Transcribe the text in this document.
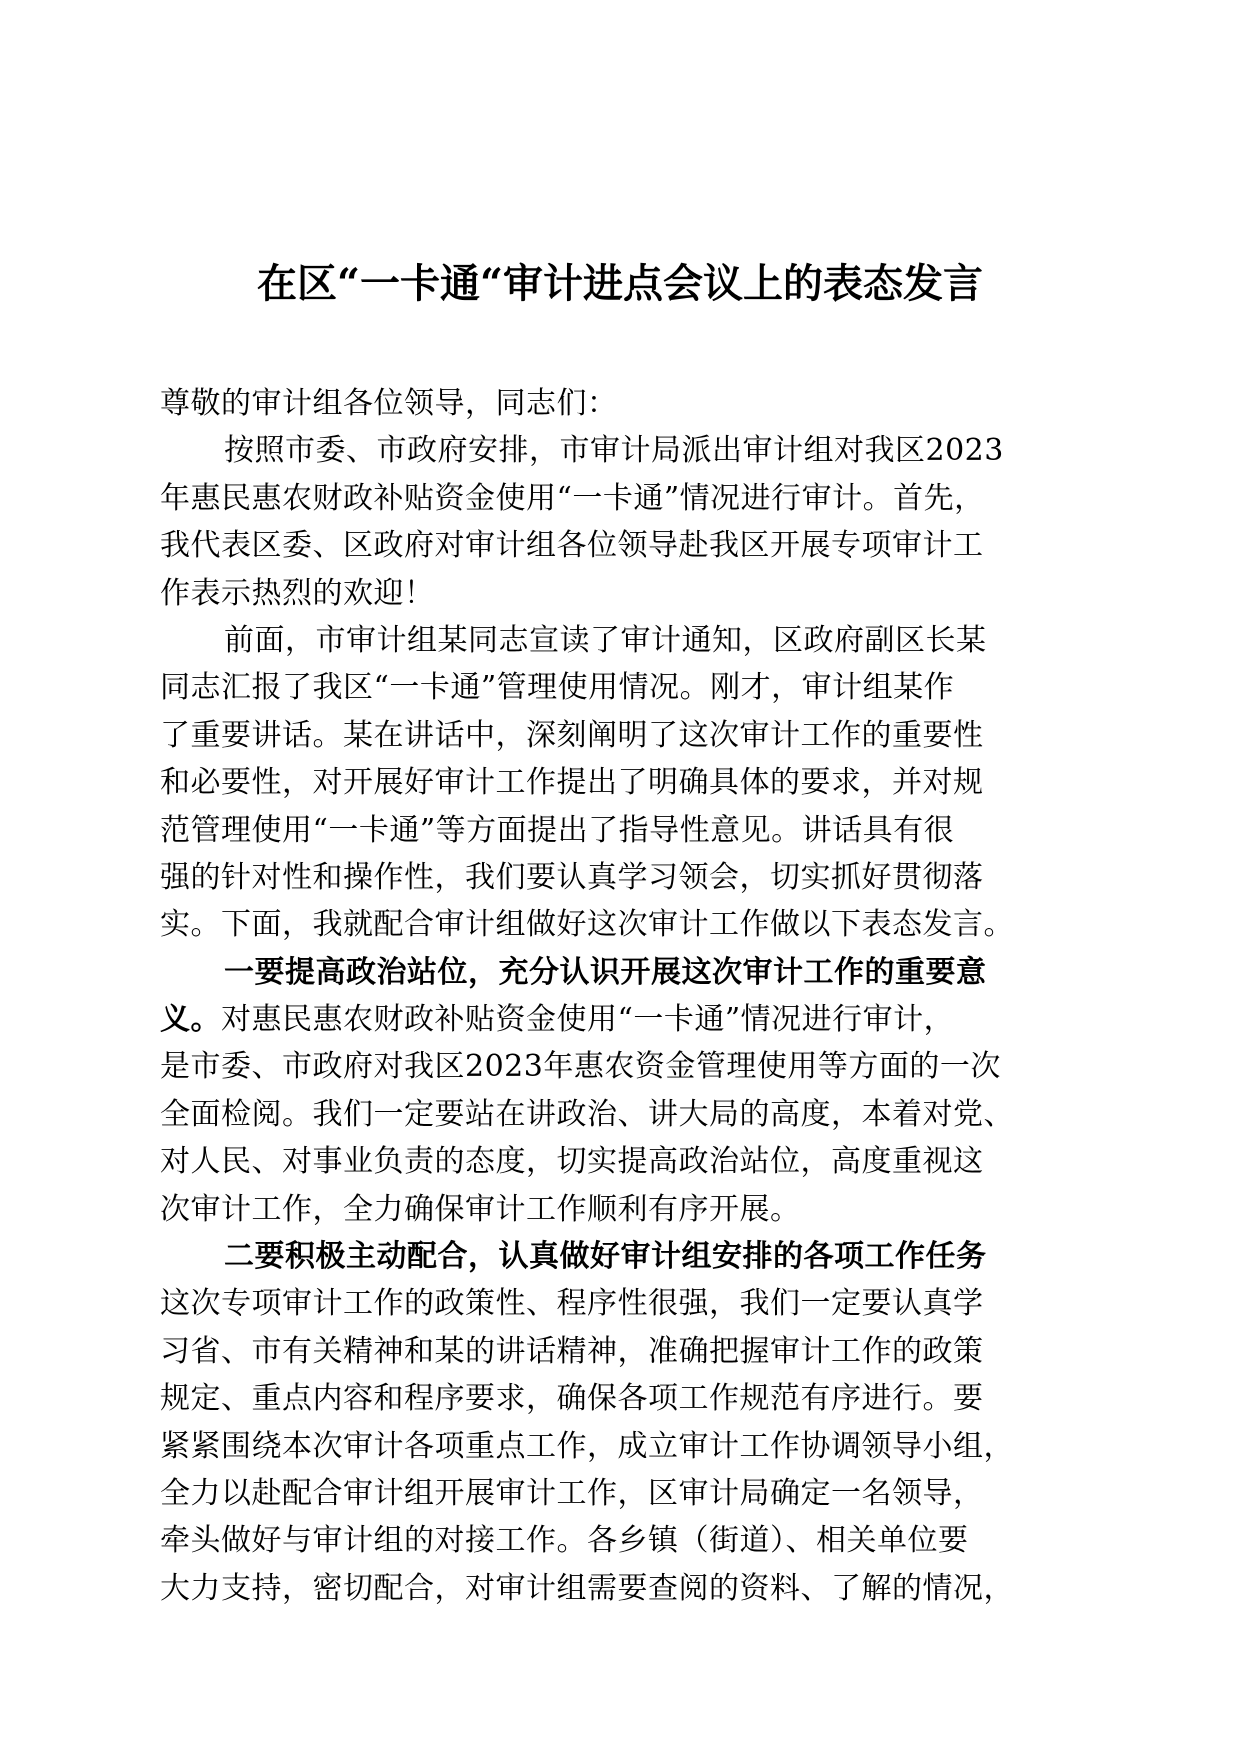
在区“一卡通“审计进点会议上的表态发言
尊敬的审计组各位领导，同志们：
按照市委、市政府安排，市审计局派出审计组对我区2023
年惠民惠农财政补贴资金使用“一卡通”情况进行审计。首先，
我代表区委、区政府对审计组各位领导赴我区开展专项审计工
作表示热烈的欢迎！
前面，市审计组某同志宣读了审计通知，区政府副区长某
同志汇报了我区“一卡通”管理使用情况。刚才，审计组某作
了重要讲话。某在讲话中，深刻阐明了这次审计工作的重要性
和必要性，对开展好审计工作提出了明确具体的要求，并对规
范管理使用“一卡通”等方面提出了指导性意见。讲话具有很
强的针对性和操作性，我们要认真学习领会，切实抓好贯彻落
实。下面，我就配合审计组做好这次审计工作做以下表态发言。
一要提高政治站位，充分认识开展这次审计工作的重要意
义。对惠民惠农财政补贴资金使用“一卡通”情况进行审计，
是市委、市政府对我区2023年惠农资金管理使用等方面的一次
全面检阅。我们一定要站在讲政治、讲大局的高度，本着对党、
对人民、对事业负责的态度，切实提高政治站位，高度重视这
次审计工作，全力确保审计工作顺利有序开展。
二要积极主动配合，认真做好审计组安排的各项工作任务
这次专项审计工作的政策性、程序性很强，我们一定要认真学
习省、市有关精神和某的讲话精神，准确把握审计工作的政策
规定、重点内容和程序要求，确保各项工作规范有序进行。要
紧紧围绕本次审计各项重点工作，成立审计工作协调领导小组，
全力以赴配合审计组开展审计工作，区审计局确定一名领导，
牵头做好与审计组的对接工作。各乡镇（街道）、相关单位要
大力支持，密切配合，对审计组需要查阅的资料、了解的情况，
